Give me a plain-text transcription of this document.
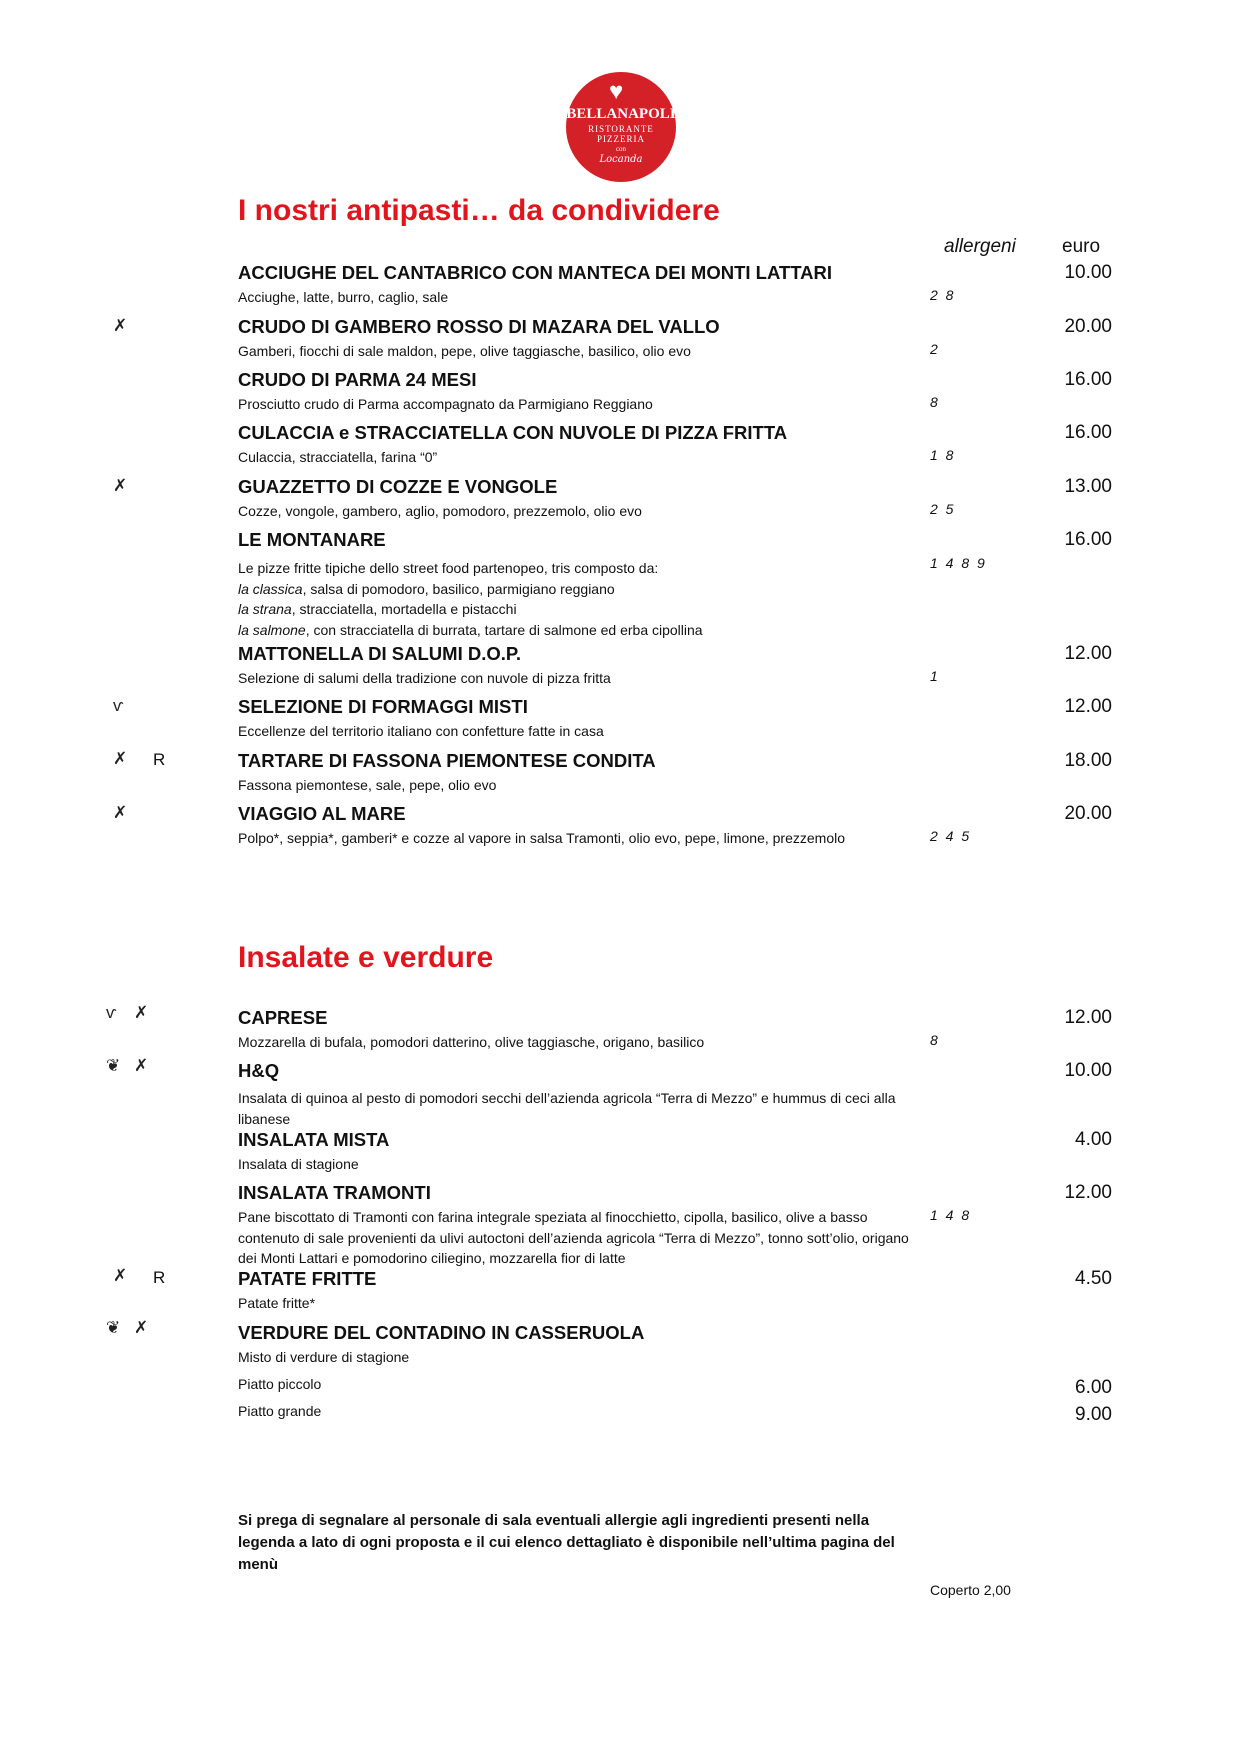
♥
BELLANAPOLI
RISTORANTE
PIZZERIA
con
Locanda
I nostri antipasti… da condividere
allergeni euro
ACCIUGHE DEL CANTABRICO CON MANTECA DEI MONTI LATTARI	10.00
Acciughe, latte, burro, caglio, sale	2 8
✗	CRUDO DI GAMBERO ROSSO DI MAZARA DEL VALLO	20.00
Gamberi, fiocchi di sale maldon, pepe, olive taggiasche, basilico, olio evo	2
CRUDO DI PARMA 24 MESI	16.00
Prosciutto crudo di Parma accompagnato da Parmigiano Reggiano	8
CULACCIA e STRACCIATELLA CON NUVOLE DI PIZZA FRITTA	16.00
Culaccia, stracciatella, farina “0”	1 8
✗	GUAZZETTO DI COZZE E VONGOLE	13.00
Cozze, vongole, gambero, aglio, pomodoro, prezzemolo, olio evo	2 5
LE MONTANARE	16.00
Le pizze fritte tipiche dello street food partenopeo, tris composto da:
la classica, salsa di pomodoro, basilico, parmigiano reggiano
la strana, stracciatella, mortadella e pistacchi
la salmone, con stracciatella di burrata, tartare di salmone ed erba cipollina
1 4 8 9
MATTONELLA DI SALUMI D.O.P.	12.00
Selezione di salumi della tradizione con nuvole di pizza fritta	1
ⱱ	SELEZIONE DI FORMAGGI MISTI	12.00
Eccellenze del territorio italiano con confetture fatte in casa
✗ R	TARTARE DI FASSONA PIEMONTESE CONDITA	18.00
Fassona piemontese, sale, pepe, olio evo
✗	VIAGGIO AL MARE	20.00
Polpo*, seppia*, gamberi* e cozze al vapore in salsa Tramonti, olio evo, pepe, limone, prezzemolo	2 4 5
Insalate e verdure
ⱱ ✗	CAPRESE	12.00
Mozzarella di bufala, pomodori datterino, olive taggiasche, origano, basilico	8
❦ ✗	H&Q	10.00
Insalata di quinoa al pesto di pomodori secchi dell’azienda agricola “Terra di Mezzo” e hummus di ceci alla libanese
INSALATA MISTA	4.00
Insalata di stagione
INSALATA TRAMONTI	12.00
Pane biscottato di Tramonti con farina integrale speziata al finocchietto, cipolla, basilico, olive a basso contenuto di sale provenienti da ulivi autoctoni dell’azienda agricola “Terra di Mezzo”, tonno sott’olio, origano dei Monti Lattari e pomodorino ciliegino, mozzarella fior di latte
1 4 8
✗ R	PATATE FRITTE	4.50
Patate fritte*
❦ ✗	VERDURE DEL CONTADINO IN CASSERUOLA
Misto di verdure di stagione
Piatto piccolo	6.00
Piatto grande	9.00
Si prega di segnalare al personale di sala eventuali allergie agli ingredienti presenti nella legenda a lato di ogni proposta e il cui elenco dettagliato è disponibile nell’ultima pagina del menù
Coperto 2,00
